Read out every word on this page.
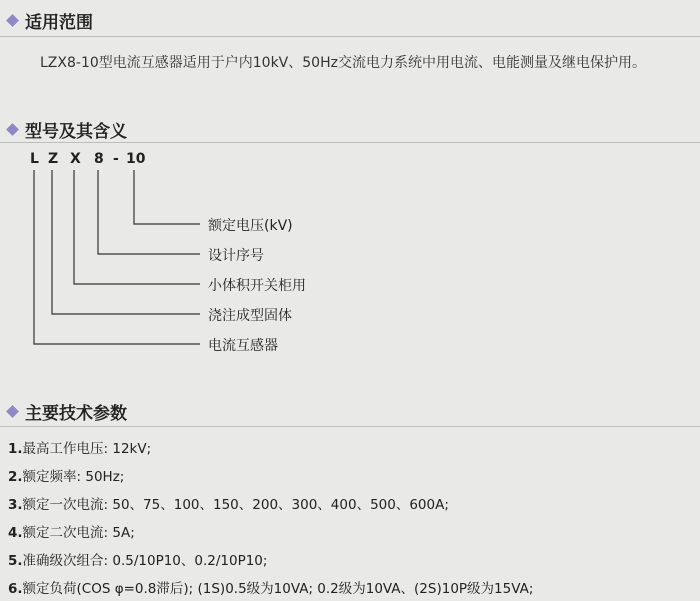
适用范围
LZX8-10型电流互感器适用于户内10kV、50Hz交流电力系统中用电流、电能测量及继电保护用。
型号及其含义
L Z X 8 - 10
额定电压(kV)
设计序号
小体积开关柜用
浇注成型固体
电流互感器
主要技术参数
1.最高工作电压: 12kV;
2.额定频率: 50Hz;
3.额定一次电流: 50、75、100、150、200、300、400、500、600A;
4.额定二次电流: 5A;
5.准确级次组合: 0.5/10P10、0.2/10P10;
6.额定负荷(COS φ=0.8滞后); (1S)0.5级为10VA; 0.2级为10VA、(2S)10P级为15VA;
